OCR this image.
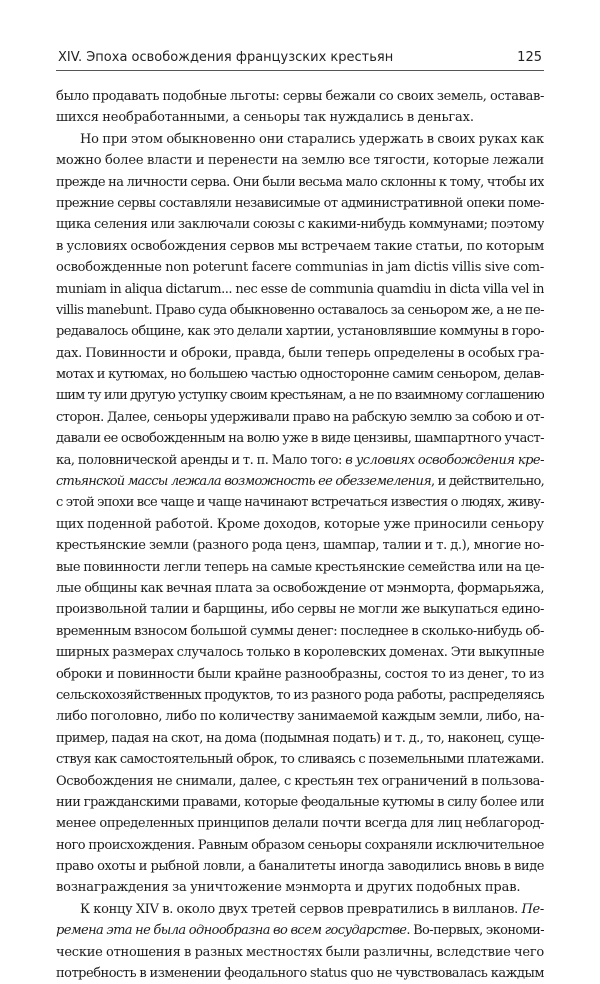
XIV. Эпоха освобождения французских крестьян	125
было продавать подобные льготы: сервы бежали со своих земель, оставав-
шихся необработанными, а сеньоры так нуждались в деньгах.
Но при этом обыкновенно они старались удержать в своих руках как
можно более власти и перенести на землю все тягости, которые лежали
прежде на личности серва. Они были весьма мало склонны к тому, чтобы их
прежние сервы составляли независимые от административной опеки поме-
щика селения или заключали союзы с какими-нибудь коммунами; поэтому
в условиях освобождения сервов мы встречаем такие статьи, по которым
освобожденные non poterunt facere communias in jam dictis villis sive com-
muniam in aliqua dictarum... nec esse de communia quamdiu in dicta villa vel in
villis manebunt. Право суда обыкновенно оставалось за сеньором же, а не пе-
редавалось общине, как это делали хартии, установлявшие коммуны в горо-
дах. Повинности и оброки, правда, были теперь определены в особых гра-
мотах и кутюмах, но большею частью односторонне самим сеньором, делав-
шим ту или другую уступку своим крестьянам, а не по взаимному соглашению
сторон. Далее, сеньоры удерживали право на рабскую землю за собою и от-
давали ее освобожденным на волю уже в виде цензивы, шампартного участ-
ка, половнической аренды и т. п. Мало того: в условиях освобождения кре-
стьянской массы лежала возможность ее обезземеления, и действительно,
с этой эпохи все чаще и чаще начинают встречаться известия о людях, живу-
щих поденной работой. Кроме доходов, которые уже приносили сеньору
крестьянские земли (разного рода ценз, шампар, талии и т. д.), многие но-
вые повинности легли теперь на самые крестьянские семейства или на це-
лые общины как вечная плата за освобождение от мэнморта, формарьяжа,
произвольной талии и барщины, ибо сервы не могли же выкупаться едино-
временным взносом большой суммы денег: последнее в сколько-нибудь об-
ширных размерах случалось только в королевских доменах. Эти выкупные
оброки и повинности были крайне разнообразны, состоя то из денег, то из
сельскохозяйственных продуктов, то из разного рода работы, распределяясь
либо поголовно, либо по количеству занимаемой каждым земли, либо, на-
пример, падая на скот, на дома (подымная подать) и т. д., то, наконец, суще-
ствуя как самостоятельный оброк, то сливаясь с поземельными платежами.
Освобождения не снимали, далее, с крестьян тех ограничений в пользова-
нии гражданскими правами, которые феодальные кутюмы в силу более или
менее определенных принципов делали почти всегда для лиц неблагород-
ного происхождения. Равным образом сеньоры сохраняли исключительное
право охоты и рыбной ловли, а баналитеты иногда заводились вновь в виде
вознаграждения за уничтожение мэнморта и других подобных прав.
К концу XIV в. около двух третей сервов превратились в вилланов. Пе-
ремена эта не была однообразна во всем государстве. Во-первых, экономи-
ческие отношения в разных местностях были различны, вследствие чего
потребность в изменении феодального status quo не чувствовалась каждым
